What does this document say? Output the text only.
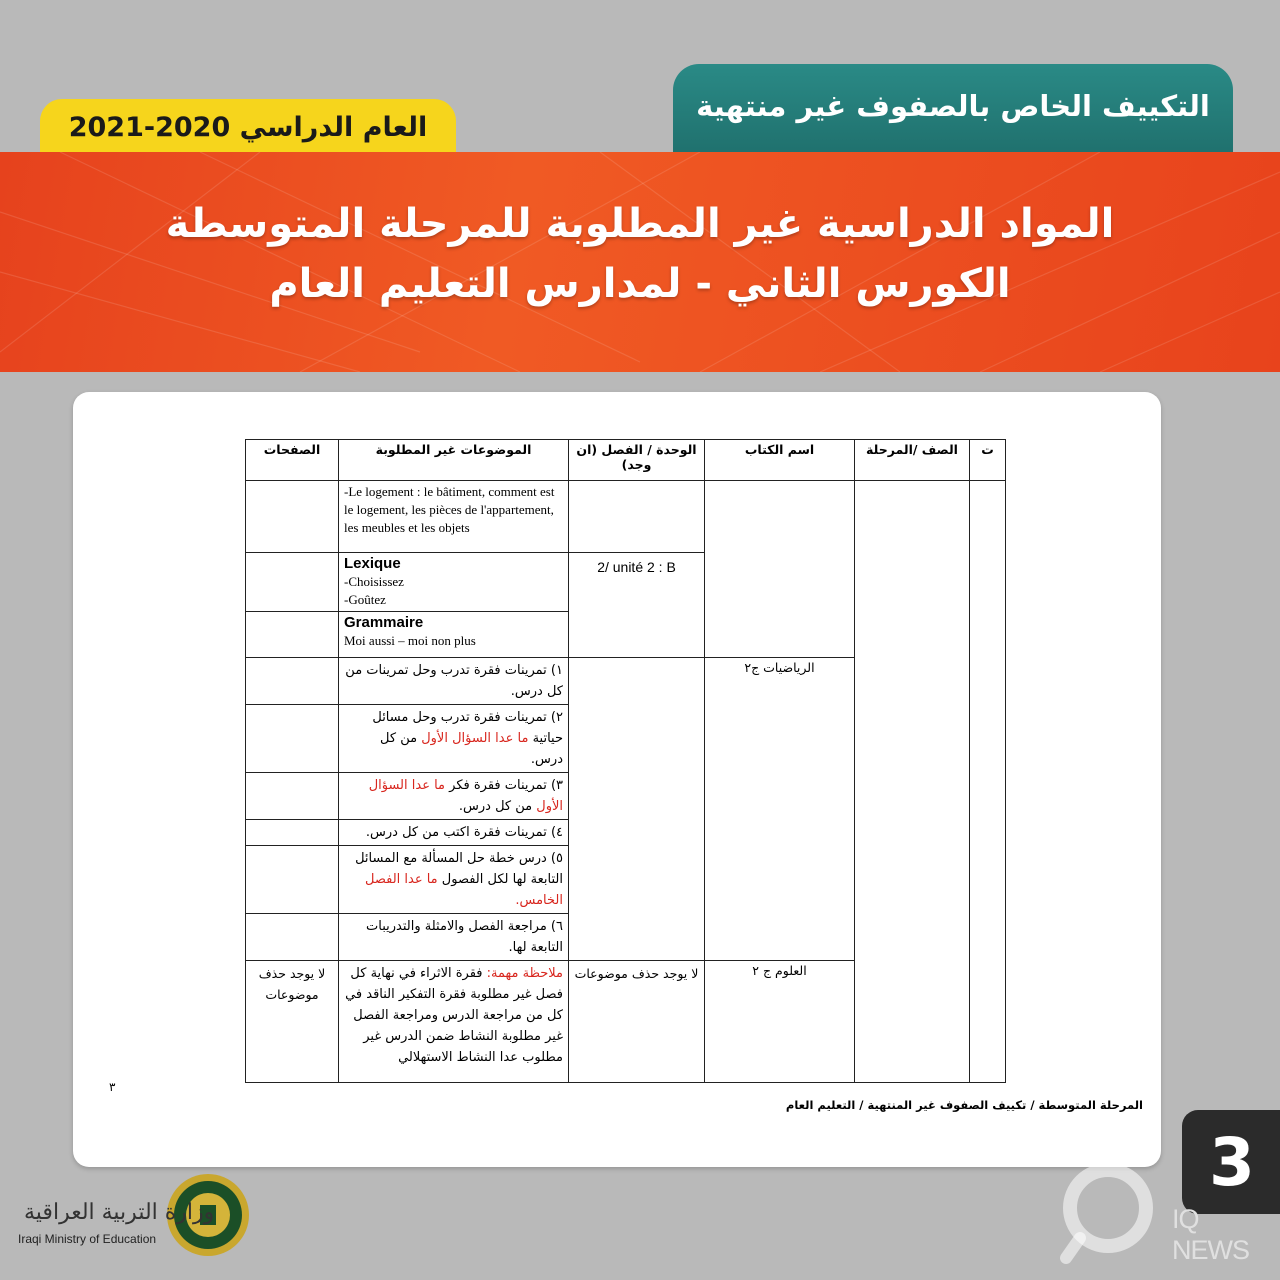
التكييف الخاص بالصفوف غير منتهية
العام الدراسي 2020-2021
المواد الدراسية غير المطلوبة للمرحلة المتوسطة
الكورس الثاني - لمدارس التعليم العام
ت	الصف /المرحلة	اسم الكتاب	الوحدة / الفصل (ان وجد)	الموضوعات غير المطلوبة	الصفحات
				-Le logement : le bâtiment, comment est le logement, les pièces de l'appartement, les meubles et les objets	
			2/ unité 2 : B	Lexique
-Choisissez
-Goûtez	
				Grammaire
Moi aussi – moi non plus	
		الرياضيات ج٢		١) تمرينات فقرة تدرب وحل تمرينات من كل درس.	
				٢) تمرينات فقرة تدرب وحل مسائل حياتية ما عدا السؤال الأول من كل درس.	
				٣) تمرينات فقرة فكر ما عدا السؤال الأول من كل درس.	
				٤) تمرينات فقرة اكتب من كل درس.	
				٥) درس خطة حل المسألة مع المسائل التابعة لها لكل الفصول ما عدا الفصل الخامس.	
				٦) مراجعة الفصل والامثلة والتدريبات التابعة لها.	
		العلوم ج ٢	لا يوجد حذف موضوعات	ملاحظة مهمة: فقرة الاثراء في نهاية كل فصل غير مطلوبة فقرة التفكير الناقد في كل من مراجعة الدرس ومراجعة الفصل غير مطلوبة النشاط ضمن الدرس غير مطلوب عدا النشاط الاستهلالي	لا يوجد حذف موضوعات
٣
المرحلة المتوسطة / تكييف الصفوف غير المنتهية / التعليم العام
3
IQ NEWS
وزارة التربية العراقية
Iraqi Ministry of Education
